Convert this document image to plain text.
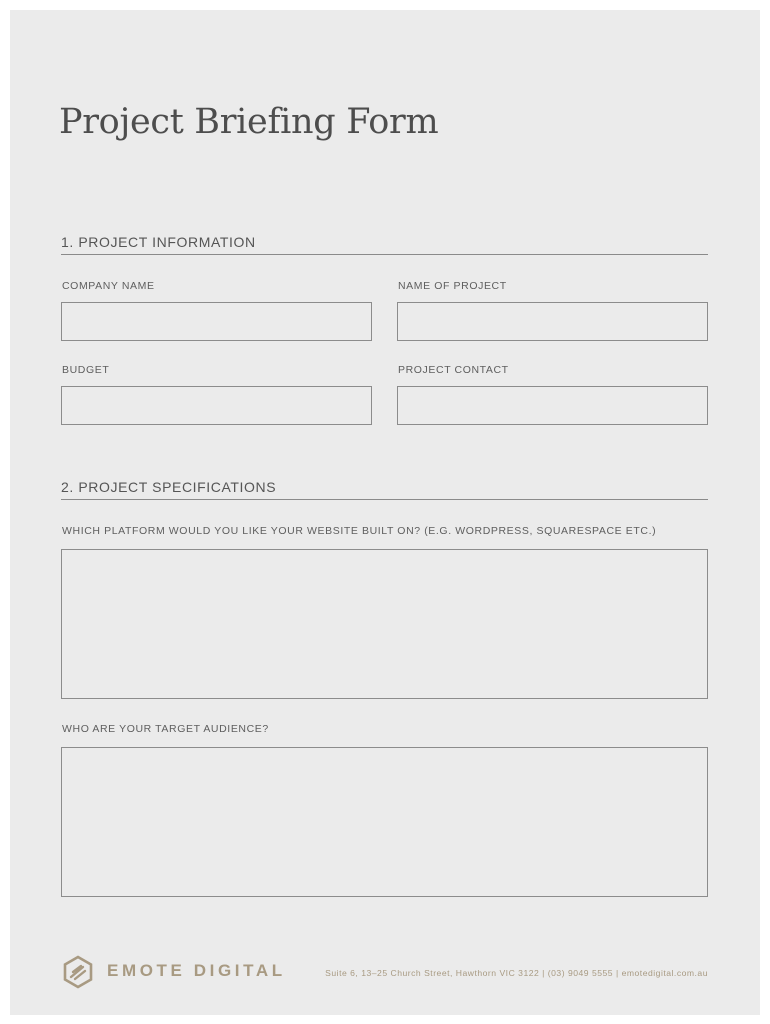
Project Briefing Form
1. PROJECT INFORMATION
COMPANY NAME	NAME OF PROJECT
BUDGET	PROJECT CONTACT
2. PROJECT SPECIFICATIONS
WHICH PLATFORM WOULD YOU LIKE YOUR WEBSITE BUILT ON? (E.G. WORDPRESS, SQUARESPACE ETC.)
WHO ARE YOUR TARGET AUDIENCE?
EMOTE DIGITAL	Suite 6, 13–25 Church Street, Hawthorn VIC 3122 | (03) 9049 5555 | emotedigital.com.au
